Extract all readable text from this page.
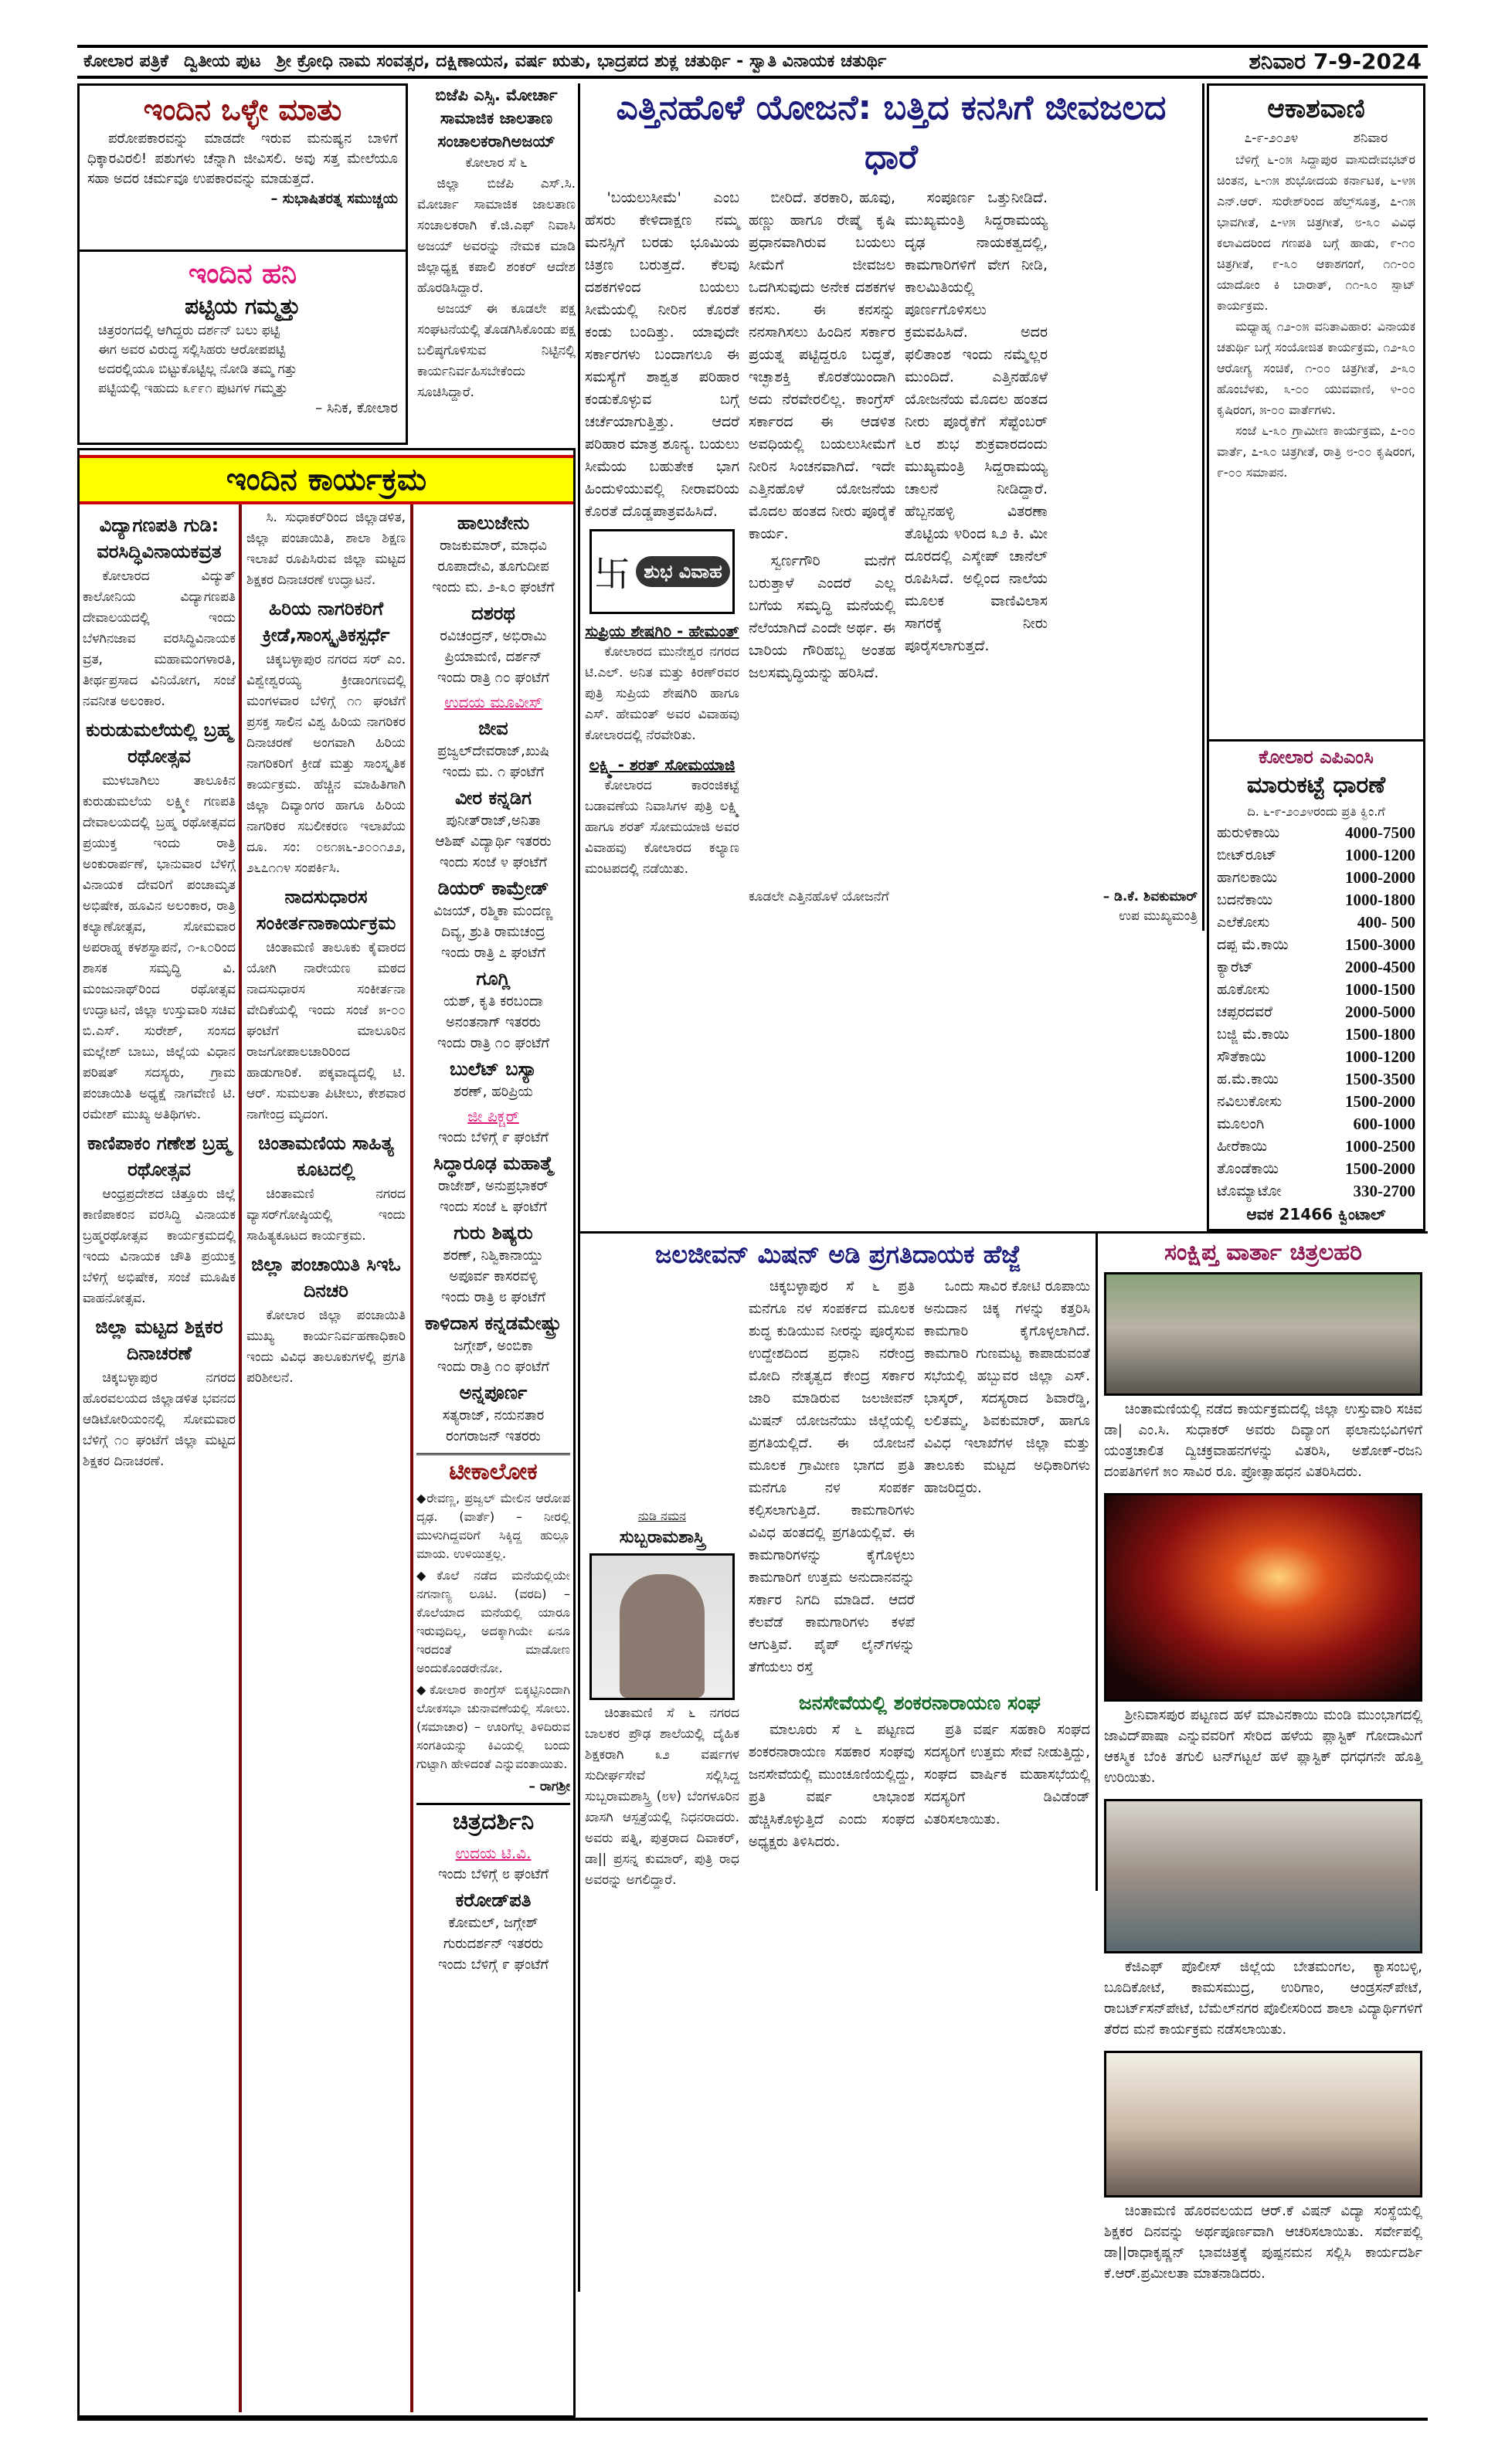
ಕೋಲಾರ ಪತ್ರಿಕೆ ದ್ವಿತೀಯ ಪುಟ ಶ್ರೀ ಕ್ರೋಧಿ ನಾಮ ಸಂವತ್ಸರ, ದಕ್ಷಿಣಾಯನ, ವರ್ಷ ಋತು, ಭಾದ್ರಪದ ಶುಕ್ಲ ಚತುರ್ಥಿ - ಸ್ವಾತಿ ವಿನಾಯಕ ಚತುರ್ಥಿ	ಶನಿವಾರ 7-9-2024
ಇಂದಿನ ಒಳ್ಳೇ ಮಾತು
ಪರೋಪಕಾರವನ್ನು ಮಾಡದೇ ಇರುವ ಮನುಷ್ಯನ ಬಾಳಿಗೆ ಧಿಕ್ಕಾರವಿರಲಿ! ಪಶುಗಳು ಚೆನ್ನಾಗಿ ಜೀವಿಸಲಿ. ಅವು ಸತ್ತ ಮೇಲೆಯೂ ಸಹಾ ಅದರ ಚರ್ಮವೂ ಉಪಕಾರವನ್ನು ಮಾಡುತ್ತದೆ.
– ಸುಭಾಷಿತರತ್ನ ಸಮುಚ್ಚಯ
ಇಂದಿನ ಹನಿ
ಪಟ್ಟಿಯ ಗಮ್ಮತ್ತು
ಚಿತ್ರರಂಗದಲ್ಲಿ ಆಗಿದ್ದರು ದರ್ಶನ್ ಬಲು ಫಟ್ಟಿ
ಈಗ ಅವರ ವಿರುದ್ಧ ಸಲ್ಲಿಸಿಹರು ಆರೋಪಪಟ್ಟಿ
ಅದರಲ್ಲಿಯೂ ಬಿಟ್ಟುಕೊಟ್ಟಿಲ್ಲ ನೋಡಿ ತಮ್ಮ ಗತ್ತು
ಪಟ್ಟಿಯಲ್ಲಿ ಇಹುದು ೩೯೯೧ ಪುಟಗಳ ಗಮ್ಮತ್ತು
– ಸಿನಿಕ, ಕೋಲಾರ
ಬಿಜೆಪಿ ಎಸ್ಸಿ. ಮೋರ್ಚಾ ಸಾಮಾಜಿಕ ಜಾಲತಾಣ ಸಂಚಾಲಕರಾಗಿಅಜಯ್
ಕೋಲಾರ ಸೆ ೬

ಜಿಲ್ಲಾ ಬಿಜೆಪಿ ಎಸ್.ಸಿ. ಮೋರ್ಚಾ ಸಾಮಾಜಿಕ ಜಾಲತಾಣ ಸಂಚಾಲಕರಾಗಿ ಕೆ.ಜಿ.ಎಫ್ ನಿವಾಸಿ ಅಜಯ್ ಅವರನ್ನು ನೇಮಕ ಮಾಡಿ ಜಿಲ್ಲಾಧ್ಯಕ್ಷ ಕಪಾಲಿ ಶಂಕರ್ ಆದೇಶ ಹೊರಡಿಸಿದ್ದಾರೆ.

ಅಜಯ್ ಈ ಕೂಡಲೇ ಪಕ್ಷ ಸಂಘಟನೆಯಲ್ಲಿ ತೊಡಗಿಸಿಕೊಂಡು ಪಕ್ಷ ಬಲಿಷ್ಠಗೊಳಿಸುವ ನಿಟ್ಟಿನಲ್ಲಿ ಕಾರ್ಯನಿರ್ವಹಿಸಬೇಕೆಂದು ಸೂಚಿಸಿದ್ದಾರೆ.

ಇಂದಿನ ಕಾರ್ಯಕ್ರಮ
ವಿದ್ಯಾಗಣಪತಿ ಗುಡಿ: ವರಸಿದ್ಧಿವಿನಾಯಕವ್ರತ
ಕೋಲಾರದ ವಿದ್ಯುತ್ ಕಾಲೋನಿಯ ವಿದ್ಯಾಗಣಪತಿ ದೇವಾಲಯದಲ್ಲಿ ಇಂದು ಬೆಳಗಿನಜಾವ ವರಸಿದ್ಧಿವಿನಾಯಕ ವ್ರತ, ಮಹಾಮಂಗಳಾರತಿ, ತೀರ್ಥಪ್ರಸಾದ ವಿನಿಯೋಗ, ಸಂಜೆ ನವನೀತ ಅಲಂಕಾರ.
ಕುರುಡುಮಲೆಯಲ್ಲಿ ಬ್ರಹ್ಮ ರಥೋತ್ಸವ
ಮುಳಬಾಗಿಲು ತಾಲೂಕಿನ ಕುರುಡುಮಲೆಯ ಲಕ್ಷ್ಮೀ ಗಣಪತಿ ದೇವಾಲಯದಲ್ಲಿ ಬ್ರಹ್ಮ ರಥೋತ್ಸವದ ಪ್ರಯುಕ್ತ ಇಂದು ರಾತ್ರಿ ಅಂಕುರಾರ್ಪಣೆ, ಭಾನುವಾರ ಬೆಳಿಗ್ಗೆ ವಿನಾಯಕ ದೇವರಿಗೆ ಪಂಚಾಮೃತ ಅಭಿಷೇಕ, ಹೂವಿನ ಅಲಂಕಾರ, ರಾತ್ರಿ ಕಲ್ಯಾಣೋತ್ಸವ, ಸೋಮವಾರ ಅಪರಾಹ್ನ ಕಳಶಸ್ಥಾಪನೆ, ೧-೩೦ರಿಂದ ಶಾಸಕ ಸಮೃದ್ಧಿ ವಿ. ಮಂಜುನಾಥ್‌ರಿಂದ ರಥೋತ್ಸವ ಉದ್ಘಾಟನೆ, ಜಿಲ್ಲಾ ಉಸ್ತುವಾರಿ ಸಚಿವ ಬಿ.ಎಸ್. ಸುರೇಶ್, ಸಂಸದ ಮಲ್ಲೇಶ್ ಬಾಬು, ಜಿಲ್ಲೆಯ ವಿಧಾನ ಪರಿಷತ್ ಸದಸ್ಯರು, ಗ್ರಾಮ ಪಂಚಾಯಿತಿ ಅಧ್ಯಕ್ಷೆ ನಾಗವೇಣಿ ಟಿ. ರಮೇಶ್ ಮುಖ್ಯ ಅತಿಥಿಗಳು.
ಕಾಣಿಪಾಕಂ ಗಣೇಶ ಬ್ರಹ್ಮ ರಥೋತ್ಸವ
ಆಂಧ್ರಪ್ರದೇಶದ ಚಿತ್ತೂರು ಜಿಲ್ಲೆ ಕಾಣಿಪಾಕಂನ ವರಸಿದ್ಧಿ ವಿನಾಯಕ ಬ್ರಹ್ಮರಥೋತ್ಸವ ಕಾರ್ಯಕ್ರಮದಲ್ಲಿ ಇಂದು ವಿನಾಯಕ ಚೌತಿ ಪ್ರಯುಕ್ತ ಬೆಳಿಗ್ಗೆ ಅಭಿಷೇಕ, ಸಂಜೆ ಮೂಷಿಕ ವಾಹನೋತ್ಸವ.
ಜಿಲ್ಲಾ ಮಟ್ಟದ ಶಿಕ್ಷಕರ ದಿನಾಚರಣೆ
ಚಿಕ್ಕಬಳ್ಳಾಪುರ ನಗರದ ಹೊರವಲಯದ ಜಿಲ್ಲಾಡಳಿತ ಭವನದ ಆಡಿಟೋರಿಯಂನಲ್ಲಿ ಸೋಮವಾರ ಬೆಳಿಗ್ಗೆ ೧೦ ಘಂಟೆಗೆ ಜಿಲ್ಲಾ ಮಟ್ಟದ ಶಿಕ್ಷಕರ ದಿನಾಚರಣೆ.
ಸಿ. ಸುಧಾಕರ್‌ರಿಂದ ಜಿಲ್ಲಾಡಳಿತ, ಜಿಲ್ಲಾ ಪಂಚಾಯಿತಿ, ಶಾಲಾ ಶಿಕ್ಷಣ ಇಲಾಖೆ ರೂಪಿಸಿರುವ ಜಿಲ್ಲಾ ಮಟ್ಟದ ಶಿಕ್ಷಕರ ದಿನಾಚರಣೆ ಉದ್ಘಾಟನೆ.
ಹಿರಿಯ ನಾಗರಿಕರಿಗೆ ಕ್ರೀಡೆ,ಸಾಂಸ್ಕೃತಿಕಸ್ಪರ್ಧೆ
ಚಿಕ್ಕಬಳ್ಳಾಪುರ ನಗರದ ಸರ್ ಎಂ. ವಿಶ್ವೇಶ್ವರಯ್ಯ ಕ್ರೀಡಾಂಗಣದಲ್ಲಿ ಮಂಗಳವಾರ ಬೆಳಿಗ್ಗೆ ೧೧ ಘಂಟೆಗೆ ಪ್ರಸಕ್ತ ಸಾಲಿನ ವಿಶ್ವ ಹಿರಿಯ ನಾಗರಿಕರ ದಿನಾಚರಣೆ ಅಂಗವಾಗಿ ಹಿರಿಯ ನಾಗರಿಕರಿಗೆ ಕ್ರೀಡೆ ಮತ್ತು ಸಾಂಸ್ಕೃತಿಕ ಕಾರ್ಯಕ್ರಮ. ಹೆಚ್ಚಿನ ಮಾಹಿತಿಗಾಗಿ ಜಿಲ್ಲಾ ದಿವ್ಯಾಂಗರ ಹಾಗೂ ಹಿರಿಯ ನಾಗರಿಕರ ಸಬಲೀಕರಣ ಇಲಾಖೆಯ ದೂ. ಸಂ: ೦೮೧೫೬-೨೦೦೧೨೨, ೨೬೭೧೧೪ ಸಂಪರ್ಕಿಸಿ.
ನಾದಸುಧಾರಸ ಸಂಕೀರ್ತನಾಕಾರ್ಯಕ್ರಮ
ಚಿಂತಾಮಣಿ ತಾಲೂಕು ಕೈವಾರದ ಯೋಗಿ ನಾರೇಯಣ ಮಠದ ನಾದಸುಧಾರಸ ಸಂಕೀರ್ತನಾ ವೇದಿಕೆಯಲ್ಲಿ ಇಂದು ಸಂಜೆ ೫-೦೦ ಘಂಟೆಗೆ ಮಾಲೂರಿನ ರಾಜಗೋಪಾಲಚಾರಿರಿಂದ ಹಾಡುಗಾರಿಕೆ. ಪಕ್ಕವಾದ್ಯದಲ್ಲಿ ಟಿ. ಆರ್. ಸುಮಲತಾ ಪಿಟೀಲು, ಕೇಶವಾರ ನಾಗೇಂದ್ರ ಮೃದಂಗ.
ಚಿಂತಾಮಣಿಯ ಸಾಹಿತ್ಯ ಕೂಟದಲ್ಲಿ
ಚಿಂತಾಮಣಿ ನಗರದ ವ್ಯಾಸರ್‌ಗೋಷ್ಠಿಯಲ್ಲಿ ಇಂದು ಸಾಹಿತ್ಯಕೂಟದ ಕಾರ್ಯಕ್ರಮ.
ಜಿಲ್ಲಾ ಪಂಚಾಯಿತಿ ಸಿಇಓ ದಿನಚರಿ
ಕೋಲಾರ ಜಿಲ್ಲಾ ಪಂಚಾಯಿತಿ ಮುಖ್ಯ ಕಾರ್ಯನಿರ್ವಹಣಾಧಿಕಾರಿ ಇಂದು ವಿವಿಧ ತಾಲೂಕುಗಳಲ್ಲಿ ಪ್ರಗತಿ ಪರಿಶೀಲನೆ.
ಹಾಲುಜೇನು
ರಾಜಕುಮಾರ್, ಮಾಧವಿ
ರೂಪಾದೇವಿ, ತೂಗುದೀಪ
ಇಂದು ಮ. ೨-೩೦ ಘಂಟೆಗೆ
ದಶರಥ
ರವಿಚಂದ್ರನ್, ಅಭಿರಾಮಿ
ಪ್ರಿಯಾಮಣಿ, ದರ್ಶನ್
ಇಂದು ರಾತ್ರಿ ೧೦ ಘಂಟೆಗೆ
ಉದಯ ಮೂವೀಸ್
ಜೀವ
ಪ್ರಜ್ವಲ್‌ದೇವರಾಜ್,ಖುಷಿ
ಇಂದು ಮ. ೧ ಘಂಟೆಗೆ
ವೀರ ಕನ್ನಡಿಗ
ಪುನೀತ್‌ರಾಜ್,ಅನಿತಾ
ಆಶಿಷ್ ವಿದ್ಯಾರ್ಥಿ ಇತರರು
ಇಂದು ಸಂಜೆ ೪ ಘಂಟೆಗೆ
ಡಿಯರ್ ಕಾಮ್ರೇಡ್
ವಿಜಯ್, ರಶ್ಮಿಕಾ ಮಂದಣ್ಣ
ದಿವ್ಯ, ಶ್ರುತಿ ರಾಮಚಂದ್ರ
ಇಂದು ರಾತ್ರಿ ೭ ಘಂಟೆಗೆ
ಗೂಗ್ಲಿ
ಯಶ್, ಕೃತಿ ಕರಬಂದಾ
ಅನಂತನಾಗ್ ಇತರರು
ಇಂದು ರಾತ್ರಿ ೧೦ ಘಂಟೆಗೆ
ಬುಲೆಟ್ ಬಸ್ಯಾ
ಶರಣ್, ಹರಿಪ್ರಿಯ
ಜೀ ಪಿಕ್ಚರ್
ಇಂದು ಬೆಳಿಗ್ಗೆ ೯ ಘಂಟೆಗೆ
ಸಿದ್ಧಾರೂಢ ಮಹಾತ್ಮೆ
ರಾಜೇಶ್, ಅನುಪ್ರಭಾಕರ್
ಇಂದು ಸಂಜೆ ೬ ಘಂಟೆಗೆ
ಗುರು ಶಿಷ್ಯರು
ಶರಣ್, ನಿಶ್ವಿಕಾನಾಯ್ಡು
ಅಪೂರ್ವ ಕಾಸರವಳ್ಳಿ
ಇಂದು ರಾತ್ರಿ ೮ ಘಂಟೆಗೆ
ಕಾಳಿದಾಸ ಕನ್ನಡಮೇಷ್ಟ್ರು
ಜಗ್ಗೇಶ್, ಅಂಬಿಕಾ
ಇಂದು ರಾತ್ರಿ ೧೦ ಘಂಟೆಗೆ
ಅನ್ನಪೂರ್ಣ
ಸತ್ಯರಾಜ್, ನಯನತಾರ
ರಂಗರಾಜನ್ ಇತರರು
ಟೀಕಾಲೋಕ
◆ರೇವಣ್ಣ, ಪ್ರಜ್ವಲ್ ಮೇಲಿನ ಆರೋಪ ದೃಢ. (ವಾರ್ತೆ) – ನೀರಲ್ಲಿ ಮುಳುಗಿದ್ದವರಿಗೆ ಸಿಕ್ಕಿದ್ದ ಹುಲ್ಲೂ ಮಾಯ. ಉಳಿಯಿತ್ತಲ್ಲ.
◆ಕೊಲೆ ನಡೆದ ಮನೆಯಲ್ಲಿಯೇ ನಗನಾಣ್ಯ ಲೂಟಿ. (ವರದಿ) – ಕೊಲೆಯಾದ ಮನೆಯಲ್ಲಿ ಯಾರೂ ಇರುವುದಿಲ್ಲ, ಅದಕ್ಕಾಗಿಯೇ ಏನೂ ಇರದಂತೆ ಮಾಡೋಣ ಅಂದುಕೊಂಡರೇನೋ.
◆ಕೋಲಾರ ಕಾಂಗ್ರೆಸ್ ಬಿಕ್ಕಟ್ಟಿನಿಂದಾಗಿ ಲೋಕಸಭಾ ಚುನಾವಣೆಯಲ್ಲಿ ಸೋಲು. (ಸಮಾಚಾರ) – ಊರಿಗೆಲ್ಲ ತಿಳಿದಿರುವ ಸಂಗತಿಯನ್ನು ಕಿವಿಯಲ್ಲಿ ಬಂದು ಗುಟ್ಟಾಗಿ ಹೇಳಿದಂತೆ ಎನ್ನುವಂತಾಯಿತು.
– ರಾಗಶ್ರೀ
ಚಿತ್ರದರ್ಶಿನಿ
ಉದಯ ಟಿ.ವಿ.
ಇಂದು ಬೆಳಿಗ್ಗೆ ೮ ಘಂಟೆಗೆ
ಕರೋಡ್‌ಪತಿ
ಕೋಮಲ್, ಜಗ್ಗೇಶ್
ಗುರುದರ್ಶನ್ ಇತರರು
ಇಂದು ಬೆಳಿಗ್ಗೆ ೯ ಘಂಟೆಗೆ
ಎತ್ತಿನಹೊಳೆ ಯೋಜನೆ: ಬತ್ತಿದ ಕನಸಿಗೆ ಜೀವಜಲದ ಧಾರೆ
'ಬಯಲುಸೀಮೆ' ಎಂಬ ಹೆಸರು ಕೇಳಿದಾಕ್ಷಣ ನಮ್ಮ ಮನಸ್ಸಿಗೆ ಬರಡು ಭೂಮಿಯ ಚಿತ್ರಣ ಬರುತ್ತದೆ. ಕೆಲವು ದಶಕಗಳಿಂದ ಬಯಲು ಸೀಮೆಯಲ್ಲಿ ನೀರಿನ ಕೊರತೆ ಕಂಡು ಬಂದಿತ್ತು. ಯಾವುದೇ ಸರ್ಕಾರಗಳು ಬಂದಾಗಲೂ ಈ ಸಮಸ್ಯೆಗೆ ಶಾಶ್ವತ ಪರಿಹಾರ ಕಂಡುಕೊಳ್ಳುವ ಬಗ್ಗೆ ಚರ್ಚೆಯಾಗುತ್ತಿತ್ತು. ಆದರೆ ಪರಿಹಾರ ಮಾತ್ರ ಶೂನ್ಯ. ಬಯಲು ಸೀಮೆಯ ಬಹುತೇಕ ಭಾಗ ಹಿಂದುಳಿಯುವಲ್ಲಿ ನೀರಾವರಿಯ ಕೊರತೆ ದೊಡ್ಡಪಾತ್ರವಹಿಸಿದೆ.
卐 ಶುಭ ವಿವಾಹ
ಸುಪ್ರಿಯ ಶೇಷಗಿರಿ - ಹೇಮಂತ್
ಕೋಲಾರದ ಮುನೇಶ್ವರ ನಗರದ ಟಿ.ಎಲ್. ಅನಿತ ಮತ್ತು ಕಿರಣ್‌ರವರ ಪುತ್ರಿ ಸುಪ್ರಿಯ ಶೇಷಗಿರಿ ಹಾಗೂ ಎಸ್. ಹೇಮಂತ್ ಅವರ ವಿವಾಹವು ಕೋಲಾರದಲ್ಲಿ ನೆರವೇರಿತು.
ಲಕ್ಷ್ಮಿ - ಶರತ್ ಸೋಮಯಾಜಿ
ಕೋಲಾರದ ಕಾರಂಜಿಕಟ್ಟೆ ಬಡಾವಣೆಯ ನಿವಾಸಿಗಳ ಪುತ್ರಿ ಲಕ್ಷ್ಮಿ ಹಾಗೂ ಶರತ್ ಸೋಮಯಾಜಿ ಅವರ ವಿವಾಹವು ಕೋಲಾರದ ಕಲ್ಯಾಣ ಮಂಟಪದಲ್ಲಿ ನಡೆಯಿತು.

ಬೀರಿದೆ. ತರಕಾರಿ, ಹೂವು, ಹಣ್ಣು ಹಾಗೂ ರೇಷ್ಮೆ ಕೃಷಿ ಪ್ರಧಾನವಾಗಿರುವ ಬಯಲು ಸೀಮೆಗೆ ಜೀವಜಲ ಒದಗಿಸುವುದು ಅನೇಕ ದಶಕಗಳ ಕನಸು. ಈ ಕನಸನ್ನು ನನಸಾಗಿಸಲು ಹಿಂದಿನ ಸರ್ಕಾರ ಪ್ರಯತ್ನ ಪಟ್ಟಿದ್ದರೂ ಬದ್ಧತೆ, ಇಚ್ಛಾಶಕ್ತಿ ಕೊರತೆಯಿಂದಾಗಿ ಅದು ನೆರವೇರಲಿಲ್ಲ. ಕಾಂಗ್ರೆಸ್ ಸರ್ಕಾರದ ಈ ಆಡಳಿತ ಅವಧಿಯಲ್ಲಿ ಬಯಲುಸೀಮೆಗೆ ನೀರಿನ ಸಿಂಚನವಾಗಿದೆ. ಇದೇ ಎತ್ತಿನಹೊಳೆ ಯೋಜನೆಯ ಮೊದಲ ಹಂತದ ನೀರು ಪೂರೈಕೆ ಕಾರ್ಯ.

ಸ್ವರ್ಣಗೌರಿ ಮನೆಗೆ ಬರುತ್ತಾಳೆ ಎಂದರೆ ಎಲ್ಲ ಬಗೆಯ ಸಮೃದ್ಧಿ ಮನೆಯಲ್ಲಿ ನೆಲೆಯಾಗಿದೆ ಎಂದೇ ಅರ್ಥ. ಈ ಬಾರಿಯ ಗೌರಿಹಬ್ಬ ಅಂತಹ ಜಲಸಮೃದ್ಧಿಯನ್ನು ಹರಿಸಿದೆ.

ಸಂಪೂರ್ಣ ಒತ್ತುನೀಡಿದೆ. ಮುಖ್ಯಮಂತ್ರಿ ಸಿದ್ದರಾಮಯ್ಯ ದೃಢ ನಾಯಕತ್ವದಲ್ಲಿ, ಕಾಮಗಾರಿಗಳಿಗೆ ವೇಗ ನೀಡಿ, ಕಾಲಮಿತಿಯಲ್ಲಿ ಪೂರ್ಣಗೊಳಿಸಲು ಕ್ರಮವಹಿಸಿದೆ. ಅದರ ಫಲಿತಾಂಶ ಇಂದು ನಮ್ಮೆಲ್ಲರ ಮುಂದಿದೆ. ಎತ್ತಿನಹೊಳೆ ಯೋಜನೆಯ ಮೊದಲ ಹಂತದ ನೀರು ಪೂರೈಕೆಗೆ ಸೆಪ್ಟೆಂಬರ್ ೬ರ ಶುಭ ಶುಕ್ರವಾರದಂದು ಮುಖ್ಯಮಂತ್ರಿ ಸಿದ್ದರಾಮಯ್ಯ ಚಾಲನೆ ನೀಡಿದ್ದಾರೆ. ಹೆಬ್ಬನಹಳ್ಳಿ ವಿತರಣಾ ತೊಟ್ಟಿಯ ೪ರಿಂದ ೩೨ ಕಿ. ಮೀ ದೂರದಲ್ಲಿ ಎಸ್ಕೇಪ್ ಚಾನೆಲ್ ರೂಪಿಸಿದೆ. ಅಲ್ಲಿಂದ ನಾಲೆಯ ಮೂಲಕ ವಾಣಿವಿಲಾಸ ಸಾಗರಕ್ಕೆ ನೀರು ಪೂರೈಸಲಾಗುತ್ತದೆ.

ಕೂಡಲೇ ಎತ್ತಿನಹೊಳೆ ಯೋಜನೆಗೆ	– ಡಿ.ಕೆ. ಶಿವಕುಮಾರ್
ಉಪ ಮುಖ್ಯಮಂತ್ರಿ
ಆಕಾಶವಾಣಿ
೭-೯-೨೦೨೪	ಶನಿವಾರ

ಬೆಳಿಗ್ಗೆ ೬-೦೫ ಸಿದ್ದಾಪುರ ವಾಸುದೇವಭಟ್‌ರ ಚಿಂತನ, ೬-೧೫ ಶುಭೋದಯ ಕರ್ನಾಟಕ, ೬-೪೫ ಎನ್.ಆರ್. ಸುರೇಶ್‌ರಿಂದ ಹೆಲ್ತ್‌ಸೂತ್ರ, ೭-೧೫ ಭಾವಗೀತೆ, ೭-೪೫ ಚಿತ್ರಗೀತೆ, ೮-೩೦ ವಿವಿಧ ಕಲಾವಿದರಿಂದ ಗಣಪತಿ ಬಗ್ಗೆ ಹಾಡು, ೯-೧೦ ಚಿತ್ರಗೀತೆ, ೯-೩೦ ಆಕಾಶಗಂಗೆ, ೧೧-೦೦ ಯಾದೋಂ ಕಿ ಬಾರಾತ್, ೧೧-೩೦ ಸ್ಪಾಟ್ ಕಾರ್ಯಕ್ರಮ.

ಮಧ್ಯಾಹ್ನ ೧೨-೦೫ ವನಿತಾವಿಹಾರ: ವಿನಾಯಕ ಚತುರ್ಥಿ ಬಗ್ಗೆ ಸಂಯೋಜಿತ ಕಾರ್ಯಕ್ರಮ, ೧೨-೩೦ ಆರೋಗ್ಯ ಸಂಚಿಕೆ, ೧-೦೦ ಚಿತ್ರಗೀತೆ, ೨-೩೦ ಹೊಂಬೆಳಕು, ೩-೦೦ ಯುವವಾಣಿ, ೪-೦೦ ಕೃಷಿರಂಗ, ೫-೦೦ ವಾರ್ತೆಗಳು.

ಸಂಜೆ ೬-೩೦ ಗ್ರಾಮೀಣ ಕಾರ್ಯಕ್ರಮ, ೭-೦೦ ವಾರ್ತೆ, ೭-೩೦ ಚಿತ್ರಗೀತೆ, ರಾತ್ರಿ ೮-೦೦ ಕೃಷಿರಂಗ, ೯-೦೦ ಸಮಾಪನ.

ಕೋಲಾರ ಎಪಿಎಂಸಿ
ಮಾರುಕಟ್ಟೆ ಧಾರಣೆ
ದಿ. ೬-೯-೨೦೨೪ರಂದು ಪ್ರತಿ ಕ್ವಿಂ.ಗೆ
ಹುರುಳಿಕಾಯಿ	4000-7500
ಬೀಟ್‌ರೂಟ್	1000-1200
ಹಾಗಲಕಾಯಿ	1000-2000
ಬದನೆಕಾಯಿ	1000-1800
ಎಲೆಕೋಸು	400- 500
ದಪ್ಪ ಮೆ.ಕಾಯಿ	1500-3000
ಕ್ಯಾರೆಟ್	2000-4500
ಹೂಕೋಸು	1000-1500
ಚಪ್ಪರದವರೆ	2000-5000
ಬಜ್ಜಿ ಮೆ.ಕಾಯಿ	1500-1800
ಸೌತೆಕಾಯಿ	1000-1200
ಹ.ಮೆ.ಕಾಯಿ	1500-3500
ನವಿಲುಕೋಸು	1500-2000
ಮೂಲಂಗಿ	600-1000
ಹೀರೆಕಾಯಿ	1000-2500
ತೊಂಡೆಕಾಯಿ	1500-2000
ಟೊಮ್ಯಾಟೋ	330-2700
ಆವಕ 21466 ಕ್ವಿಂಟಾಲ್
ಜಲಜೀವನ್ ಮಿಷನ್ ಅಡಿ ಪ್ರಗತಿದಾಯಕ ಹೆಜ್ಜೆ
ನುಡಿ ನಮನ
ಸುಬ್ಬರಾಮಶಾಸ್ತ್ರಿ
ಚಿಂತಾಮಣಿ ಸೆ ೬ ನಗರದ ಬಾಲಕರ ಪ್ರೌಢ ಶಾಲೆಯಲ್ಲಿ ದೈಹಿಕ ಶಿಕ್ಷಕರಾಗಿ ೩೨ ವರ್ಷಗಳ ಸುದೀರ್ಘಸೇವೆ ಸಲ್ಲಿಸಿದ್ದ ಸುಬ್ಬರಾಮಶಾಸ್ತ್ರಿ (೮೪) ಬೆಂಗಳೂರಿನ ಖಾಸಗಿ ಆಸ್ಪತ್ರೆಯಲ್ಲಿ ನಿಧನರಾದರು. ಅವರು ಪತ್ನಿ, ಪುತ್ರರಾದ ದಿವಾಕರ್, ಡಾ|| ಪ್ರಸನ್ನ ಕುಮಾರ್, ಪುತ್ರಿ ರಾಧ ಅವರನ್ನು ಅಗಲಿದ್ದಾರೆ.
ಚಿಕ್ಕಬಳ್ಳಾಪುರ ಸೆ ೬ ಪ್ರತಿ ಮನೆಗೂ ನಳ ಸಂಪರ್ಕದ ಮೂಲಕ ಶುದ್ಧ ಕುಡಿಯುವ ನೀರನ್ನು ಪೂರೈಸುವ ಉದ್ದೇಶದಿಂದ ಪ್ರಧಾನಿ ನರೇಂದ್ರ ಮೋದಿ ನೇತೃತ್ವದ ಕೇಂದ್ರ ಸರ್ಕಾರ ಜಾರಿ ಮಾಡಿರುವ ಜಲಜೀವನ್ ಮಿಷನ್ ಯೋಜನೆಯು ಜಿಲ್ಲೆಯಲ್ಲಿ ಪ್ರಗತಿಯಲ್ಲಿದೆ. ಈ ಯೋಜನೆ ಮೂಲಕ ಗ್ರಾಮೀಣ ಭಾಗದ ಪ್ರತಿ ಮನೆಗೂ ನಳ ಸಂಪರ್ಕ ಕಲ್ಪಿಸಲಾಗುತ್ತಿದೆ. ಕಾಮಗಾರಿಗಳು ವಿವಿಧ ಹಂತದಲ್ಲಿ ಪ್ರಗತಿಯಲ್ಲಿವೆ. ಈ ಕಾಮಗಾರಿಗಳನ್ನು ಕೈಗೊಳ್ಳಲು ಕಾಮಗಾರಿಗೆ ಉತ್ತಮ ಅನುದಾನವನ್ನು ಸರ್ಕಾರ ನಿಗದಿ ಮಾಡಿದೆ. ಆದರೆ ಕೆಲವೆಡೆ ಕಾಮಗಾರಿಗಳು ಕಳಪೆ ಆಗುತ್ತಿವೆ. ಪೈಪ್ ಲೈನ್‌ಗಳನ್ನು ತೆಗೆಯಲು ರಸ್ತೆ
ಒಂದು ಸಾವಿರ ಕೋಟಿ ರೂಪಾಯಿ ಅನುದಾನ ಚಿಕ್ಕ ಗಳನ್ನು ಕತ್ತರಿಸಿ ಕಾಮಗಾರಿ ಕೈಗೊಳ್ಳಲಾಗಿದೆ. ಕಾಮಗಾರಿ ಗುಣಮಟ್ಟ ಕಾಪಾಡುವಂತೆ ಸಭೆಯಲ್ಲಿ ಹಬ್ಬುವರ ಜಿಲ್ಲಾ ಎಸ್. ಭಾಸ್ಕರ್, ಸದಸ್ಯರಾದ ಶಿವಾರೆಡ್ಡಿ, ಲಲಿತಮ್ಮ, ಶಿವಕುಮಾರ್, ಹಾಗೂ ವಿವಿಧ ಇಲಾಖೆಗಳ ಜಿಲ್ಲಾ ಮತ್ತು ತಾಲೂಕು ಮಟ್ಟದ ಅಧಿಕಾರಿಗಳು ಹಾಜರಿದ್ದರು.
ಜನಸೇವೆಯಲ್ಲಿ ಶಂಕರನಾರಾಯಣ ಸಂಘ
ಮಾಲೂರು ಸೆ ೬ ಪಟ್ಟಣದ ಶಂಕರನಾರಾಯಣ ಸಹಕಾರ ಸಂಘವು ಜನಸೇವೆಯಲ್ಲಿ ಮುಂಚೂಣಿಯಲ್ಲಿದ್ದು, ಪ್ರತಿ ವರ್ಷ ಲಾಭಾಂಶ ಹೆಚ್ಚಿಸಿಕೊಳ್ಳುತ್ತಿದೆ ಎಂದು ಸಂಘದ ಅಧ್ಯಕ್ಷರು ತಿಳಿಸಿದರು.
ಪ್ರತಿ ವರ್ಷ ಸಹಕಾರಿ ಸಂಘದ ಸದಸ್ಯರಿಗೆ ಉತ್ತಮ ಸೇವೆ ನೀಡುತ್ತಿದ್ದು, ಸಂಘದ ವಾರ್ಷಿಕ ಮಹಾಸಭೆಯಲ್ಲಿ ಸದಸ್ಯರಿಗೆ ಡಿವಿಡೆಂಡ್ ವಿತರಿಸಲಾಯಿತು.
ಸಂಕ್ಷಿಪ್ತ ವಾರ್ತಾ ಚಿತ್ರಲಹರಿ
ಚಿಂತಾಮಣಿಯಲ್ಲಿ ನಡೆದ ಕಾರ್ಯಕ್ರಮದಲ್ಲಿ ಜಿಲ್ಲಾ ಉಸ್ತುವಾರಿ ಸಚಿವ ಡಾ| ಎಂ.ಸಿ. ಸುಧಾಕರ್ ಅವರು ದಿವ್ಯಾಂಗ ಫಲಾನುಭವಿಗಳಿಗೆ ಯಂತ್ರಚಾಲಿತ ದ್ವಿಚಕ್ರವಾಹನಗಳನ್ನು ವಿತರಿಸಿ, ಅಶೋಕ್-ರಜನಿ ದಂಪತಿಗಳಿಗೆ ೫೦ ಸಾವಿರ ರೂ. ಪ್ರೋತ್ಸಾಹಧನ ವಿತರಿಸಿದರು.
ಶ್ರೀನಿವಾಸಪುರ ಪಟ್ಟಣದ ಹಳೆ ಮಾವಿನಕಾಯಿ ಮಂಡಿ ಮುಂಭಾಗದಲ್ಲಿ ಜಾವಿದ್‌ಪಾಷಾ ಎನ್ನುವವರಿಗೆ ಸೇರಿದ ಹಳೆಯ ಪ್ಲಾಸ್ಟಿಕ್ ಗೋದಾಮಿಗೆ ಆಕಸ್ಮಿಕ ಬೆಂಕಿ ತಗುಲಿ ಟನ್‌ಗಟ್ಟಲೆ ಹಳೆ ಪ್ಲಾಸ್ಟಿಕ್ ಧಗಧಗನೇ ಹೊತ್ತಿ ಉರಿಯಿತು.
ಕೆಜಿಎಫ್ ಪೊಲೀಸ್ ಜಿಲ್ಲೆಯ ಬೇತಮಂಗಲ, ಕ್ಯಾಸಂಬಳ್ಳಿ, ಬೂದಿಕೋಟೆ, ಕಾಮಸಮುದ್ರ, ಉರಿಗಾಂ, ಆಂಡ್ರಸನ್‌ಪೇಟೆ, ರಾಬರ್ಟ್‌ಸನ್‌ಪೇಟೆ, ಬೆಮೆಲ್‌ನಗರ ಪೊಲೀಸರಿಂದ ಶಾಲಾ ವಿದ್ಯಾರ್ಥಿಗಳಿಗೆ ತೆರೆದ ಮನೆ ಕಾರ್ಯಕ್ರಮ ನಡೆಸಲಾಯಿತು.
ಚಿಂತಾಮಣಿ ಹೊರವಲಯದ ಆರ್.ಕೆ ವಿಷನ್ ವಿದ್ಯಾ ಸಂಸ್ಥೆಯಲ್ಲಿ ಶಿಕ್ಷಕರ ದಿನವನ್ನು ಅರ್ಥಪೂರ್ಣವಾಗಿ ಆಚರಿಸಲಾಯಿತು. ಸರ್ವೇಪಲ್ಲಿ ಡಾ||ರಾಧಾಕೃಷ್ಣನ್ ಭಾವಚಿತ್ರಕ್ಕೆ ಪುಷ್ಪನಮನ ಸಲ್ಲಿಸಿ ಕಾರ್ಯದರ್ಶಿ ಕೆ.ಆರ್.ಪ್ರಮೀಲತಾ ಮಾತನಾಡಿದರು.
